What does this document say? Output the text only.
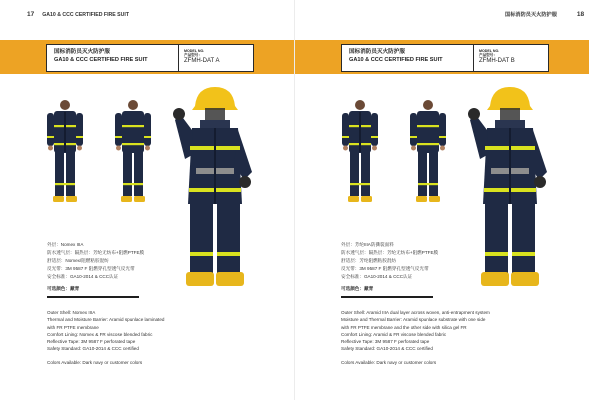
17 GA10 & CCC CERTIFIED FIRE SUIT
国标消防员灭火防护服
GA10 & CCC CERTIFIED FIRE SUIT
MODEL NO.
产品型号：
ZFMH-DAT A
外层：Nomex IIIA
防水透气层：隔热层：芳纶无纺布+阻燃PTFE膜
舒适层：Nomex/阻燃粘胶混纺
反光带：3M 9587 F 阻燃穿孔型透气反光带
安全标准：GA10-2014 & CCC认证
可选颜色：藏青
Outer Shell: Nomex IIIA
Thermal and Moisture Barrier: Aramid spunlace laminated
with FR PTFE membrane
Comfort Lining: Nomex & FR viscose blended fabric
Reflective Tape: 3M 9587 F perforated tape
Safety Standard: GA10-2014 & CCC certified
Colors Available: Dark navy or customer colors
国标消防员灭火防护服	18
国标消防员灭火防护服
GA10 & CCC CERTIFIED FIRE SUIT
MODEL NO.
产品型号：
ZFMH-DAT B
外层：芳纶IIIA防撕裂面料
防水透气层：隔热层：芳纶无纺布+阻燃PTFE膜
舒适层：芳纶阻燃粘胶混纺
反光带：3M 9587 F 阻燃穿孔型透气反光带
安全标准：GA10-2014 & CCC认证
可选颜色：藏青
Outer Shell: Aramid IIIA dual layer across woven, anti-entrapment system
Moisture and Thermal Barrier: Aramid spunlace substrate with one side
with FR PTFE membrane and the other side with silica gel FR
Comfort Lining: Aramid & FR viscose blended fabric
Reflective Tape: 3M 9587 F perforated tape
Safety Standard: GA10-2014 & CCC certified
Colors Available: Dark navy or customer colors
